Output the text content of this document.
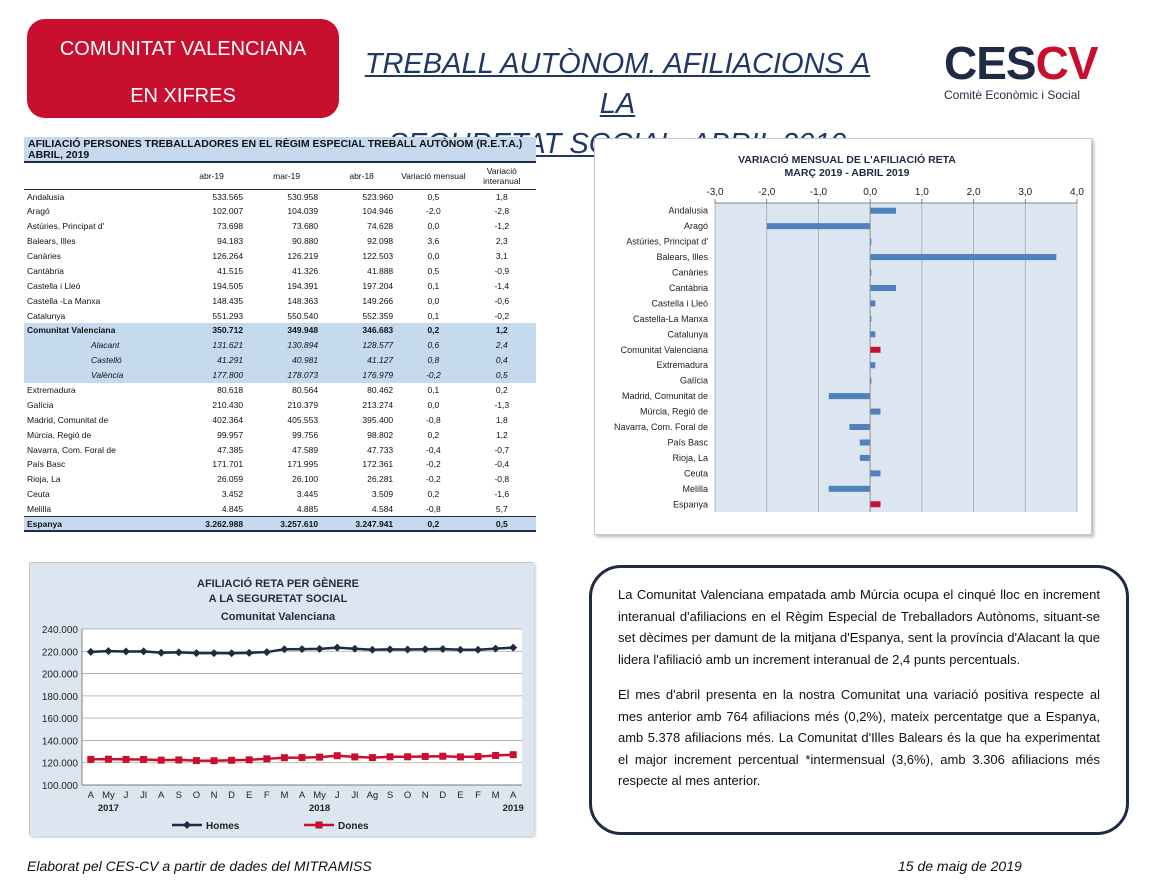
COMUNITAT VALENCIANA
EN XIFRES
TREBALL AUTÒNOM. AFILIACIONS A LA
CESCV
Comitè Econòmic i Social
AFILIACIÓ PERSONES TREBALLADORES EN EL RÈGIM ESPECIAL TREBALL AUTÒNOM (R.E.T.A.) ABRIL, 2019
	abr-19	mar-19	abr-18	Variació mensual	Variació interanual
Andalusia	533.565	530.958	523.960	0,5	1,8
Aragó	102.007	104.039	104.946	-2,0	-2,8
Astúries, Principat d'	73.698	73.680	74.628	0,0	-1,2
Balears, Illes	94.183	90.880	92.098	3,6	2,3
Canàries	126.264	126.219	122.503	0,0	3,1
Cantàbria	41.515	41.326	41.888	0,5	-0,9
Castella i Lleó	194.505	194.391	197.204	0,1	-1,4
Castella -La Manxa	148.435	148.363	149.266	0,0	-0,6
Catalunya	551.293	550.540	552.359	0,1	-0,2
Comunitat Valenciana	350.712	349.948	346.683	0,2	1,2
Alacant	131.621	130.894	128.577	0,6	2,4
Castelló	41.291	40.981	41.127	0,8	0,4
València	177.800	178.073	176.979	-0,2	0,5
Extremadura	80.618	80.564	80.462	0,1	0,2
Galícia	210.430	210.379	213.274	0,0	-1,3
Madrid, Comunitat de	402.364	405.553	395.400	-0,8	1,8
Múrcia, Regió de	99.957	99.756	98.802	0,2	1,2
Navarra, Com. Foral de	47.385	47.589	47.733	-0,4	-0,7
País Basc	171.701	171.995	172.361	-0,2	-0,4
Rioja, La	26.059	26.100	26.281	-0,2	-0,8
Ceuta	3.452	3.445	3.509	0,2	-1,6
Melilla	4.845	4.885	4.584	-0,8	5,7
Espanya	3.262.988	3.257.610	3.247.941	0,2	0,5
VARIACIÓ MENSUAL DE L'AFILIACIÓ RETA
MARÇ 2019 - ABRIL 2019
-3,0	-2,0	-1,0	0,0	1,0	2,0	3,0	4,0
Andalusia
Aragó
Astúries, Principat d'
Balears, Illes
Canàries
Cantàbria
Castella i Lleó
Castella-La Manxa
Catalunya
Comunitat Valenciana
Extremadura
Galícia
Madrid, Comunitat de
Múrcia, Regió de
Navarra, Com. Foral de
País Basc
Rioja, La
Ceuta
Melilla
Espanya
AFILIACIÓ RETA PER GÈNERE
A LA SEGURETAT SOCIAL
Comunitat Valenciana
100.000
120.000
140.000
160.000
180.000
200.000
220.000
240.000
A My J Jl A S O N D E F M A My J Jl Ag S O N D E F M A
2017	2018	2019
Homes	Dones

La Comunitat Valenciana empatada amb Múrcia ocupa el cinqué lloc en increment interanual d'afiliacions en el Règim Especial de Treballadors Autònoms, situant-se set dècimes per damunt de la mitjana d'Espanya, sent la província d'Alacant la que lidera l'afiliació amb un increment interanual de 2,4 punts percentuals.

El mes d'abril presenta en la nostra Comunitat una variació positiva respecte al mes anterior amb 764 afiliacions més (0,2%), mateix percentatge que a Espanya, amb 5.378 afiliacions més. La Comunitat d'Illes Balears és la que ha experimentat el major increment percentual *intermensual (3,6%), amb 3.306 afiliacions més respecte al mes anterior.

Elaborat pel CES-CV a partir de dades del MITRAMISS	15 de maig de 2019
